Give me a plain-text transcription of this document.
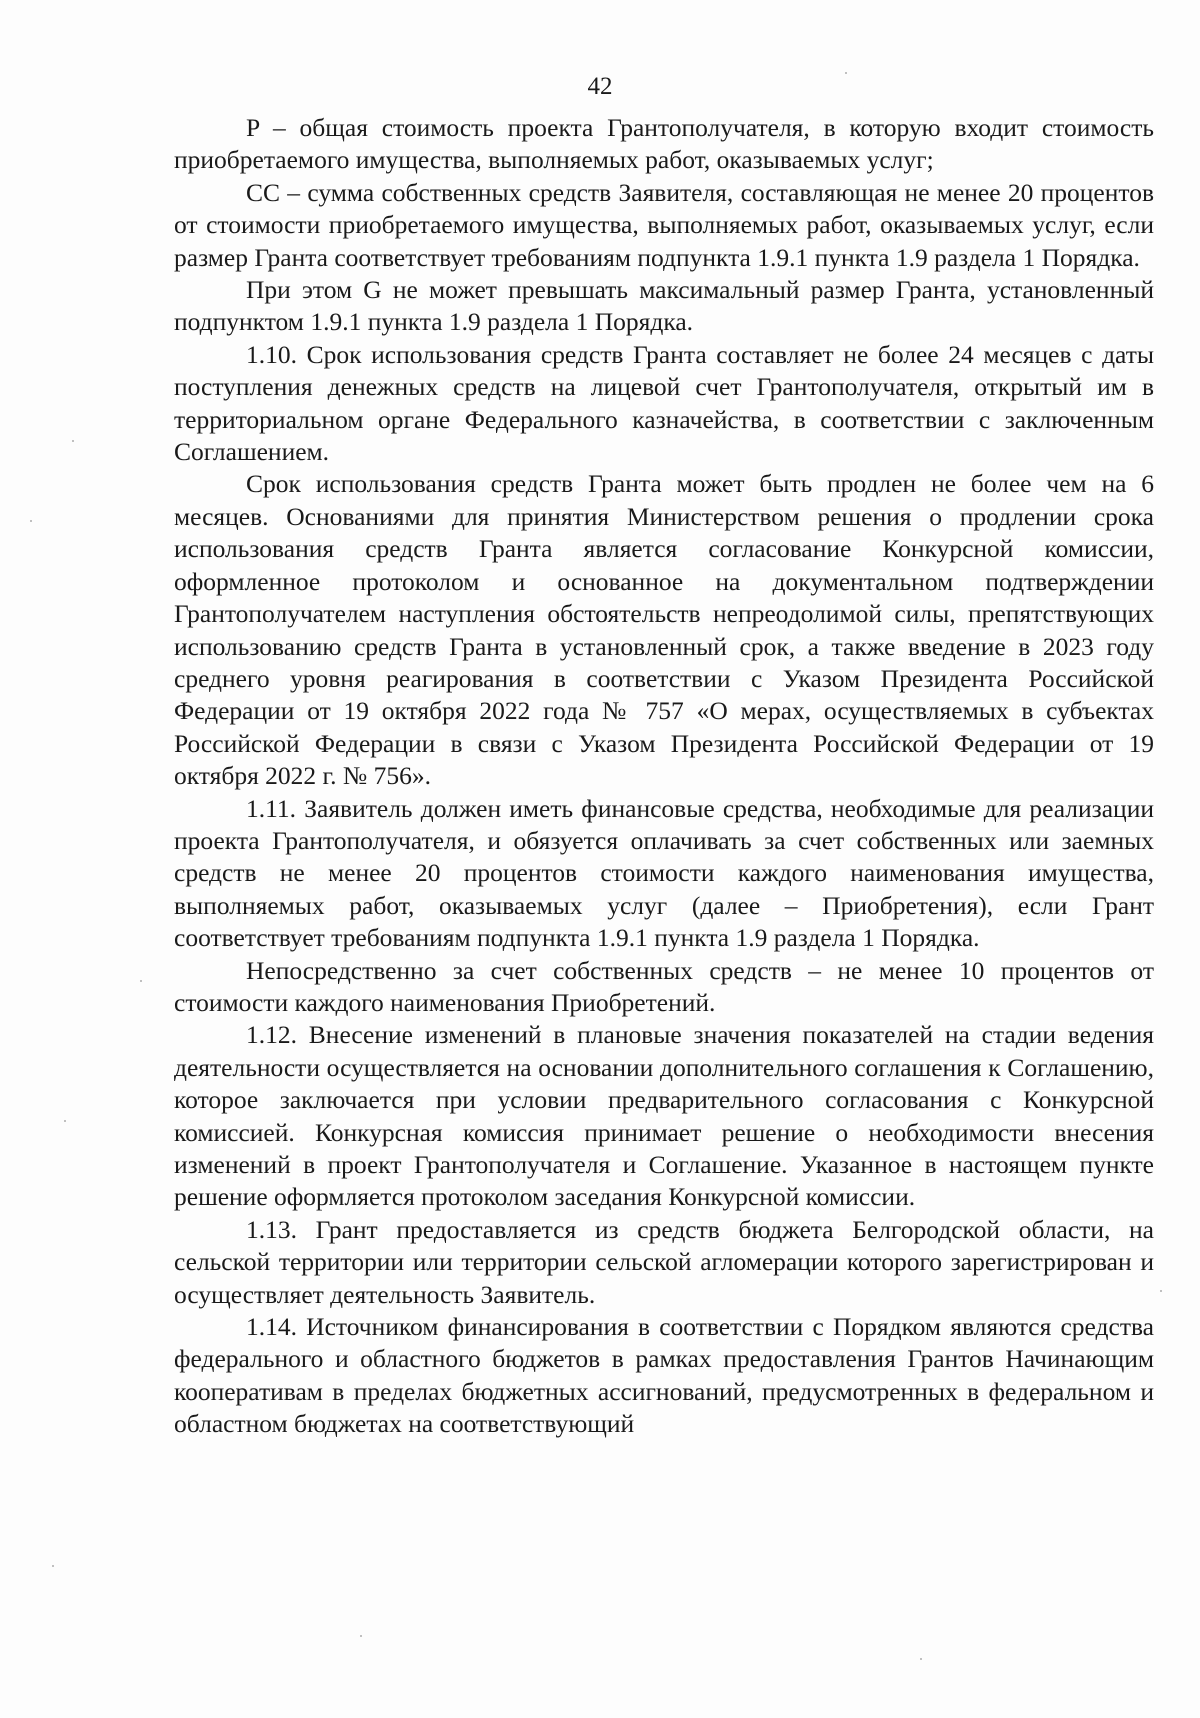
42

P – общая стоимость проекта Грантополучателя, в которую входит стоимость приобретаемого имущества, выполняемых работ, оказываемых услуг;

СС – сумма собственных средств Заявителя, составляющая не менее 20 процентов от стоимости приобретаемого имущества, выполняемых работ, оказываемых услуг, если размер Гранта соответствует требованиям подпункта 1.9.1 пункта 1.9 раздела 1 Порядка.

При этом G не может превышать максимальный размер Гранта, установленный подпунктом 1.9.1 пункта 1.9 раздела 1 Порядка.

1.10. Срок использования средств Гранта составляет не более 24 месяцев с даты поступления денежных средств на лицевой счет Грантополучателя, открытый им в территориальном органе Федерального казначейства, в соответствии с заключенным Соглашением.

Срок использования средств Гранта может быть продлен не более чем на 6 месяцев. Основаниями для принятия Министерством решения о продлении срока использования средств Гранта является согласование Конкурсной комиссии, оформленное протоколом и основанное на документальном подтверждении Грантополучателем наступления обстоятельств непреодолимой силы, препятствующих использованию средств Гранта в установленный срок, а также введение в 2023 году среднего уровня реагирования в соответствии с Указом Президента Российской Федерации от 19 октября 2022 года № 757 «О мерах, осуществляемых в субъектах Российской Федерации в связи с Указом Президента Российской Федерации от 19 октября 2022 г. № 756».

1.11. Заявитель должен иметь финансовые средства, необходимые для реализации проекта Грантополучателя, и обязуется оплачивать за счет собственных или заемных средств не менее 20 процентов стоимости каждого наименования имущества, выполняемых работ, оказываемых услуг (далее – Приобретения), если Грант соответствует требованиям подпункта 1.9.1 пункта 1.9 раздела 1 Порядка.

Непосредственно за счет собственных средств – не менее 10 процентов от стоимости каждого наименования Приобретений.

1.12. Внесение изменений в плановые значения показателей на стадии ведения деятельности осуществляется на основании дополнительного соглашения к Соглашению, которое заключается при условии предварительного согласования с Конкурсной комиссией. Конкурсная комиссия принимает решение о необходимости внесения изменений в проект Грантополучателя и Соглашение. Указанное в настоящем пункте решение оформляется протоколом заседания Конкурсной комиссии.

1.13. Грант предоставляется из средств бюджета Белгородской области, на сельской территории или территории сельской агломерации которого зарегистрирован и осуществляет деятельность Заявитель.

1.14. Источником финансирования в соответствии с Порядком являются средства федерального и областного бюджетов в рамках предоставления Грантов Начинающим кооперативам в пределах бюджетных ассигнований, предусмотренных в федеральном и областном бюджетах на соответствующий
